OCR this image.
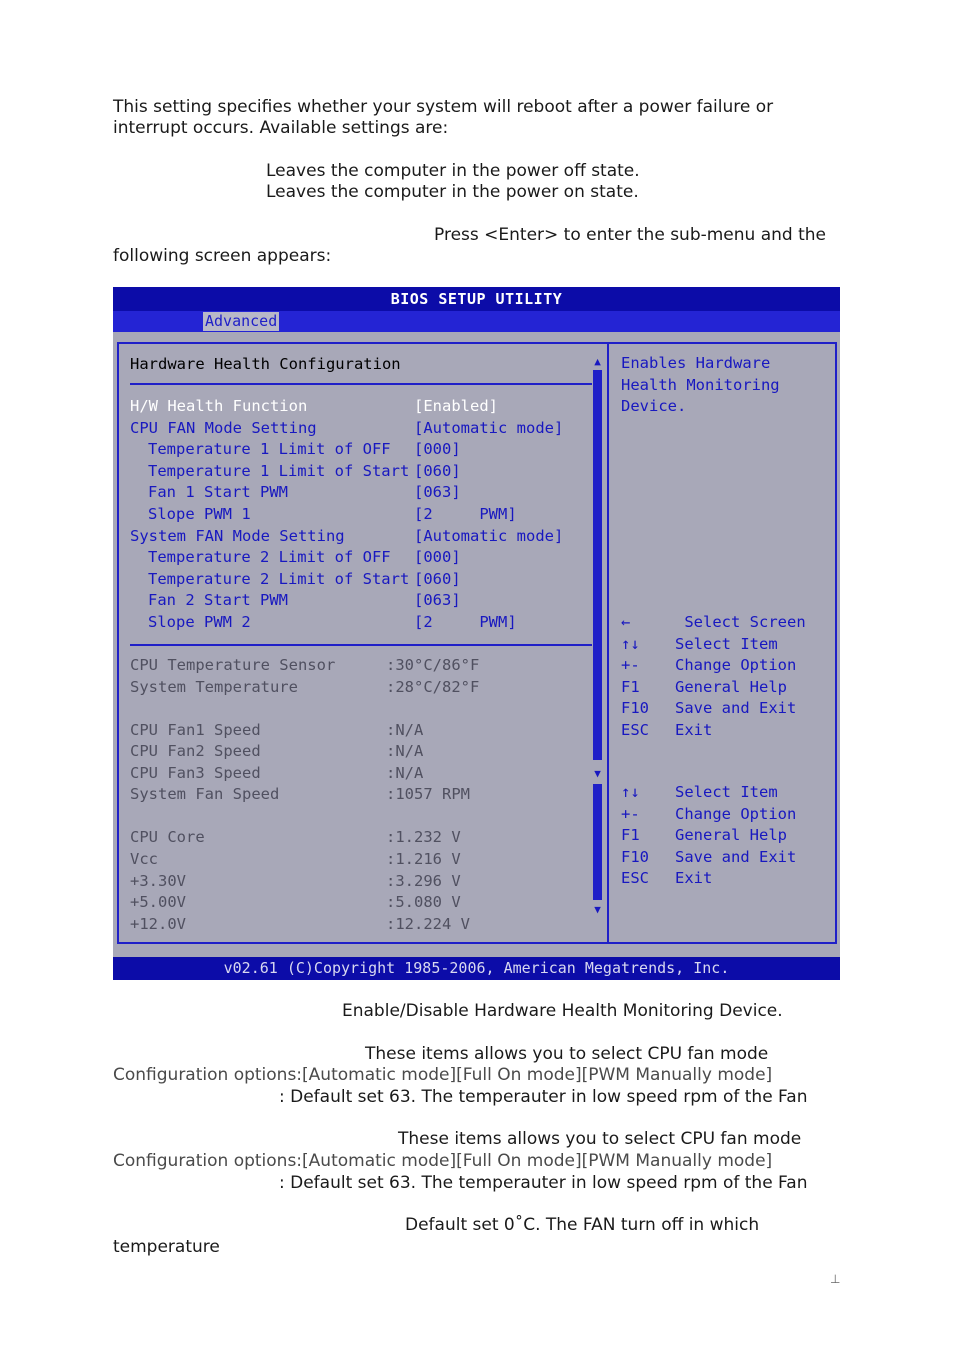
This setting specifies whether your system will reboot after a power failure or
interrupt occurs. Available settings are:
Leaves the computer in the power off state.
Leaves the computer in the power on state.
Press <Enter> to enter the sub-menu and the
following screen appears:
BIOS SETUP UTILITY
Advanced
Hardware Health Configuration
H/W Health Function	[Enabled]
CPU FAN Mode Setting	[Automatic mode]
Temperature 1 Limit of OFF [000]
Temperature 1 Limit of Start [060]
Fan 1 Start PWM	[063]
Slope PWM 1	[2     PWM]
System FAN Mode Setting	[Automatic mode]
Temperature 2 Limit of OFF [000]
Temperature 2 Limit of Start [060]
Fan 2 Start PWM	[063]
Slope PWM 2	[2     PWM]
CPU Temperature Sensor	:30°C/86°F
System Temperature	:28°C/82°F
CPU Fan1 Speed	:N/A
CPU Fan2 Speed	:N/A
CPU Fan3 Speed	:N/A
System Fan Speed	:1057 RPM
CPU Core	:1.232 V
Vcc	:1.216 V
+3.30V	:3.296 V
+5.00V	:5.080 V
+12.0V	:12.224 V
▲
▼
▼
Enables Hardware
Health Monitoring
Device.
←	Select Screen
↑↓	Select Item
+-	Change Option
F1	General Help
F10	Save and Exit
ESC	Exit
↑↓	Select Item
+-	Change Option
F1	General Help
F10	Save and Exit
ESC	Exit
v02.61 (C)Copyright 1985-2006, American Megatrends, Inc.
Enable/Disable Hardware Health Monitoring Device.
These items allows you to select CPU fan mode
Configuration options:[Automatic mode][Full On mode][PWM Manually mode]
: Default set 63. The temperauter in low speed rpm of the Fan
These items allows you to select CPU fan mode
Configuration options:[Automatic mode][Full On mode][PWM Manually mode]
: Default set 63. The temperauter in low speed rpm of the Fan
Default set 0˚C. The FAN turn off in which
temperature
⊥
